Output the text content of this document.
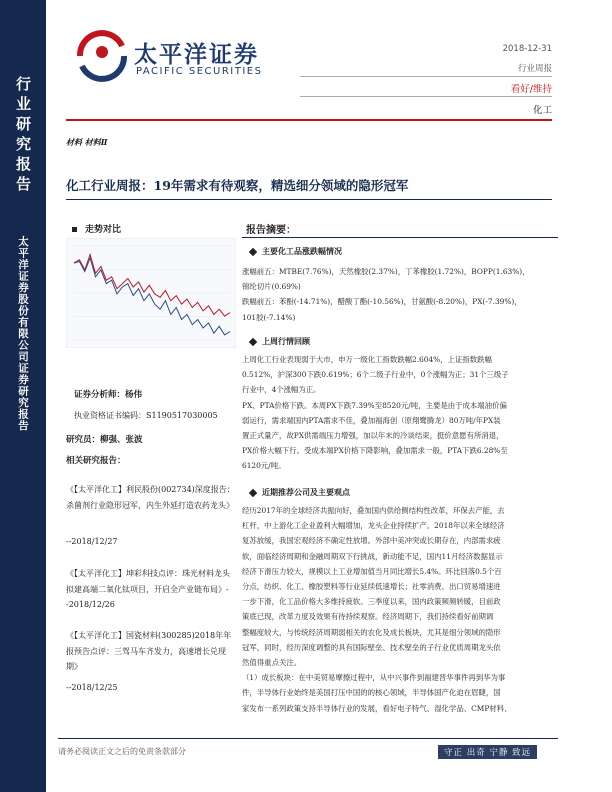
行业研究报告
太平洋证券股份有限公司证券研究报告
太平洋证券
PACIFIC SECURITIES
2018-12-31
行业周报
看好/维持
化工
材料 材料Ⅱ
化工行业周报：19年需求有待观察，精选细分领域的隐形冠军
走势对比
证券分析师：杨伟
执业资格证书编码：S1190517030005
研究员：柳强、张波
相关研究报告：
《【太平洋化工】利民股份(002734)深度报告：杀菌剂行业隐形冠军，内生外延打造农药龙头》
--2018/12/27
《【太平洋化工】坤彩科技点评：珠光材料龙头拟建高端二氧化钛项目，开启全产业链布局》--2018/12/26
《【太平洋化工】国瓷材料(300285)2018年年报预告点评：三驾马车齐发力，高速增长兑现期》
--2018/12/25
报告摘要：
主要化工品涨跌幅情况
涨幅前五：MTBE(7.76%)，天然橡胶(2.37%)，丁苯橡胶(1.72%)，BOPP(1.63%)，
锦纶切片(0.69%)
跌幅前五：苯酚(-14.71%)，醋酸丁酯(-10.56%)，甘氨酸(-8.20%)，PX(-7.39%)，
101胶(-7.14%)
上周行情回顾
上周化工行业表现弱于大市，申万一级化工指数跌幅2.604%，上证指数跌幅
0.512%，沪深300下跌0.619%；6个二级子行业中，0个涨幅为正；31个三级子
行业中，4个涨幅为正。
PX、PTA价格下跌。本周PX下跌7.39%至8520元/吨，主要是由于成本端油价偏
弱运行，需求端国内PTA需求不佳，叠加福海创（原翔鹭腾龙）80万吨/年PX装
置正式量产，故PX供需端压力增强，加以年末的冷谈结束，挺价意愿有所消退，
PX价格大幅下行。受成本端PX价格下降影响，叠加需求一般，PTA下跌6.28%至
6120元/吨。
近期推荐公司及主要观点
经历2017年的全球经济共振向好，叠加国内供给侧结构性改革，环保去产能，去
杠杆，中上游化工企业盈利大幅增加，龙头企业持续扩产。2018年以来全球经济
复苏放缓，我国宏观经济不确定性放增。外部中美冲突或长期存在，内部需求疲
软，面临经济周期和金融周期双下行挑战，新动能不足，国内11月经济数据显示
经济下滑压力较大，规模以上工业增加值当月同比增长5.4%。环比回落0.5个百
分点，纺织、化工、橡胶塑料等行业延续低速增长；社零消费、出口贸易增速进
一步下滑，化工品价格大多维持疲软。三季度以来，国内政策频频转暖，目前政
策底已现，改革力度及效果有待持续观察。经济周期下，我们持续看好前期调
整幅度较大，与传统经济周期弱相关的农化及成长板块，尤其是细分领域的隐形
冠军，同时，经历深度调整的具有国际壁垒、技术壁垒的子行业优质周期龙头依
然值得重点关注。
（1）成长板块：在中美贸易摩擦过程中，从中兴事件到福建晋华事件再到华为事
件，半导体行业始终是美国打压中国的的核心领域，半导体国产化迫在眉睫，国
家发布一系列政策支持半导体行业的发展，看好电子特气、湿化学品、CMP材料、
请务必阅读正文之后的免责条款部分	守正 出奇 宁静 致远
